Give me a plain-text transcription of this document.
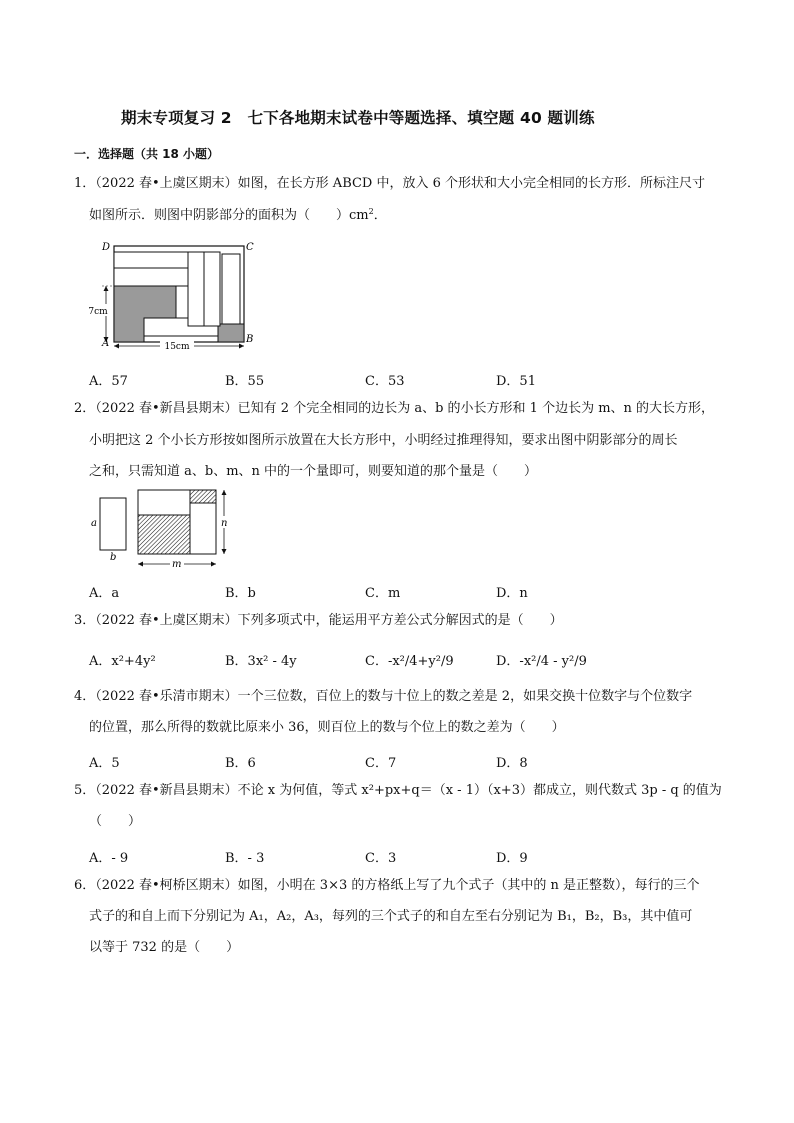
期末专项复习 2　七下各地期末试卷中等题选择、填空题 40 题训练
一．选择题（共 18 小题）
1．（2022 春•上虞区期末）如图，在长方形 ABCD 中，放入 6 个形状和大小完全相同的长方形．所标注尺寸
如图所示．则图中阴影部分的面积为（　　）$cm^2$．
15cm
7cm
D	C
A	B
A．57	B．55	C．53	D．51
2．（2022 春•新昌县期末）已知有 2 个完全相同的边长为 a、b 的小长方形和 1 个边长为 m、n 的大长方形，
小明把这 2 个小长方形按如图所示放置在大长方形中，小明经过推理得知，要求出图中阴影部分的周长
之和，只需知道 a、b、m、n 中的一个量即可，则要知道的那个量是（　　）
a
b
n
m
A．a	B．b	C．m	D．n
3．（2022 春•上虞区期末）下列多项式中，能运用平方差公式分解因式的是（　　）
A．x²+4y²	B．3x² - 4y	C．-x²/4+y²/9	D．-x²/4 - y²/9
4．（2022 春•乐清市期末）一个三位数，百位上的数与十位上的数之差是 2，如果交换十位数字与个位数字
的位置，那么所得的数就比原来小 36，则百位上的数与个位上的数之差为（　　）
A．5	B．6	C．7	D．8
5．（2022 春•新昌县期末）不论 x 为何值，等式 x²+px+q＝（x - 1）（x+3）都成立，则代数式 3p - q 的值为
（　　）
A．- 9	B．- 3	C．3	D．9
6．（2022 春•柯桥区期末）如图，小明在 3×3 的方格纸上写了九个式子（其中的 n 是正整数），每行的三个
式子的和自上而下分别记为 A₁，A₂，A₃，每列的三个式子的和自左至右分别记为 B₁，B₂，B₃，其中值可
以等于 732 的是（　　）
